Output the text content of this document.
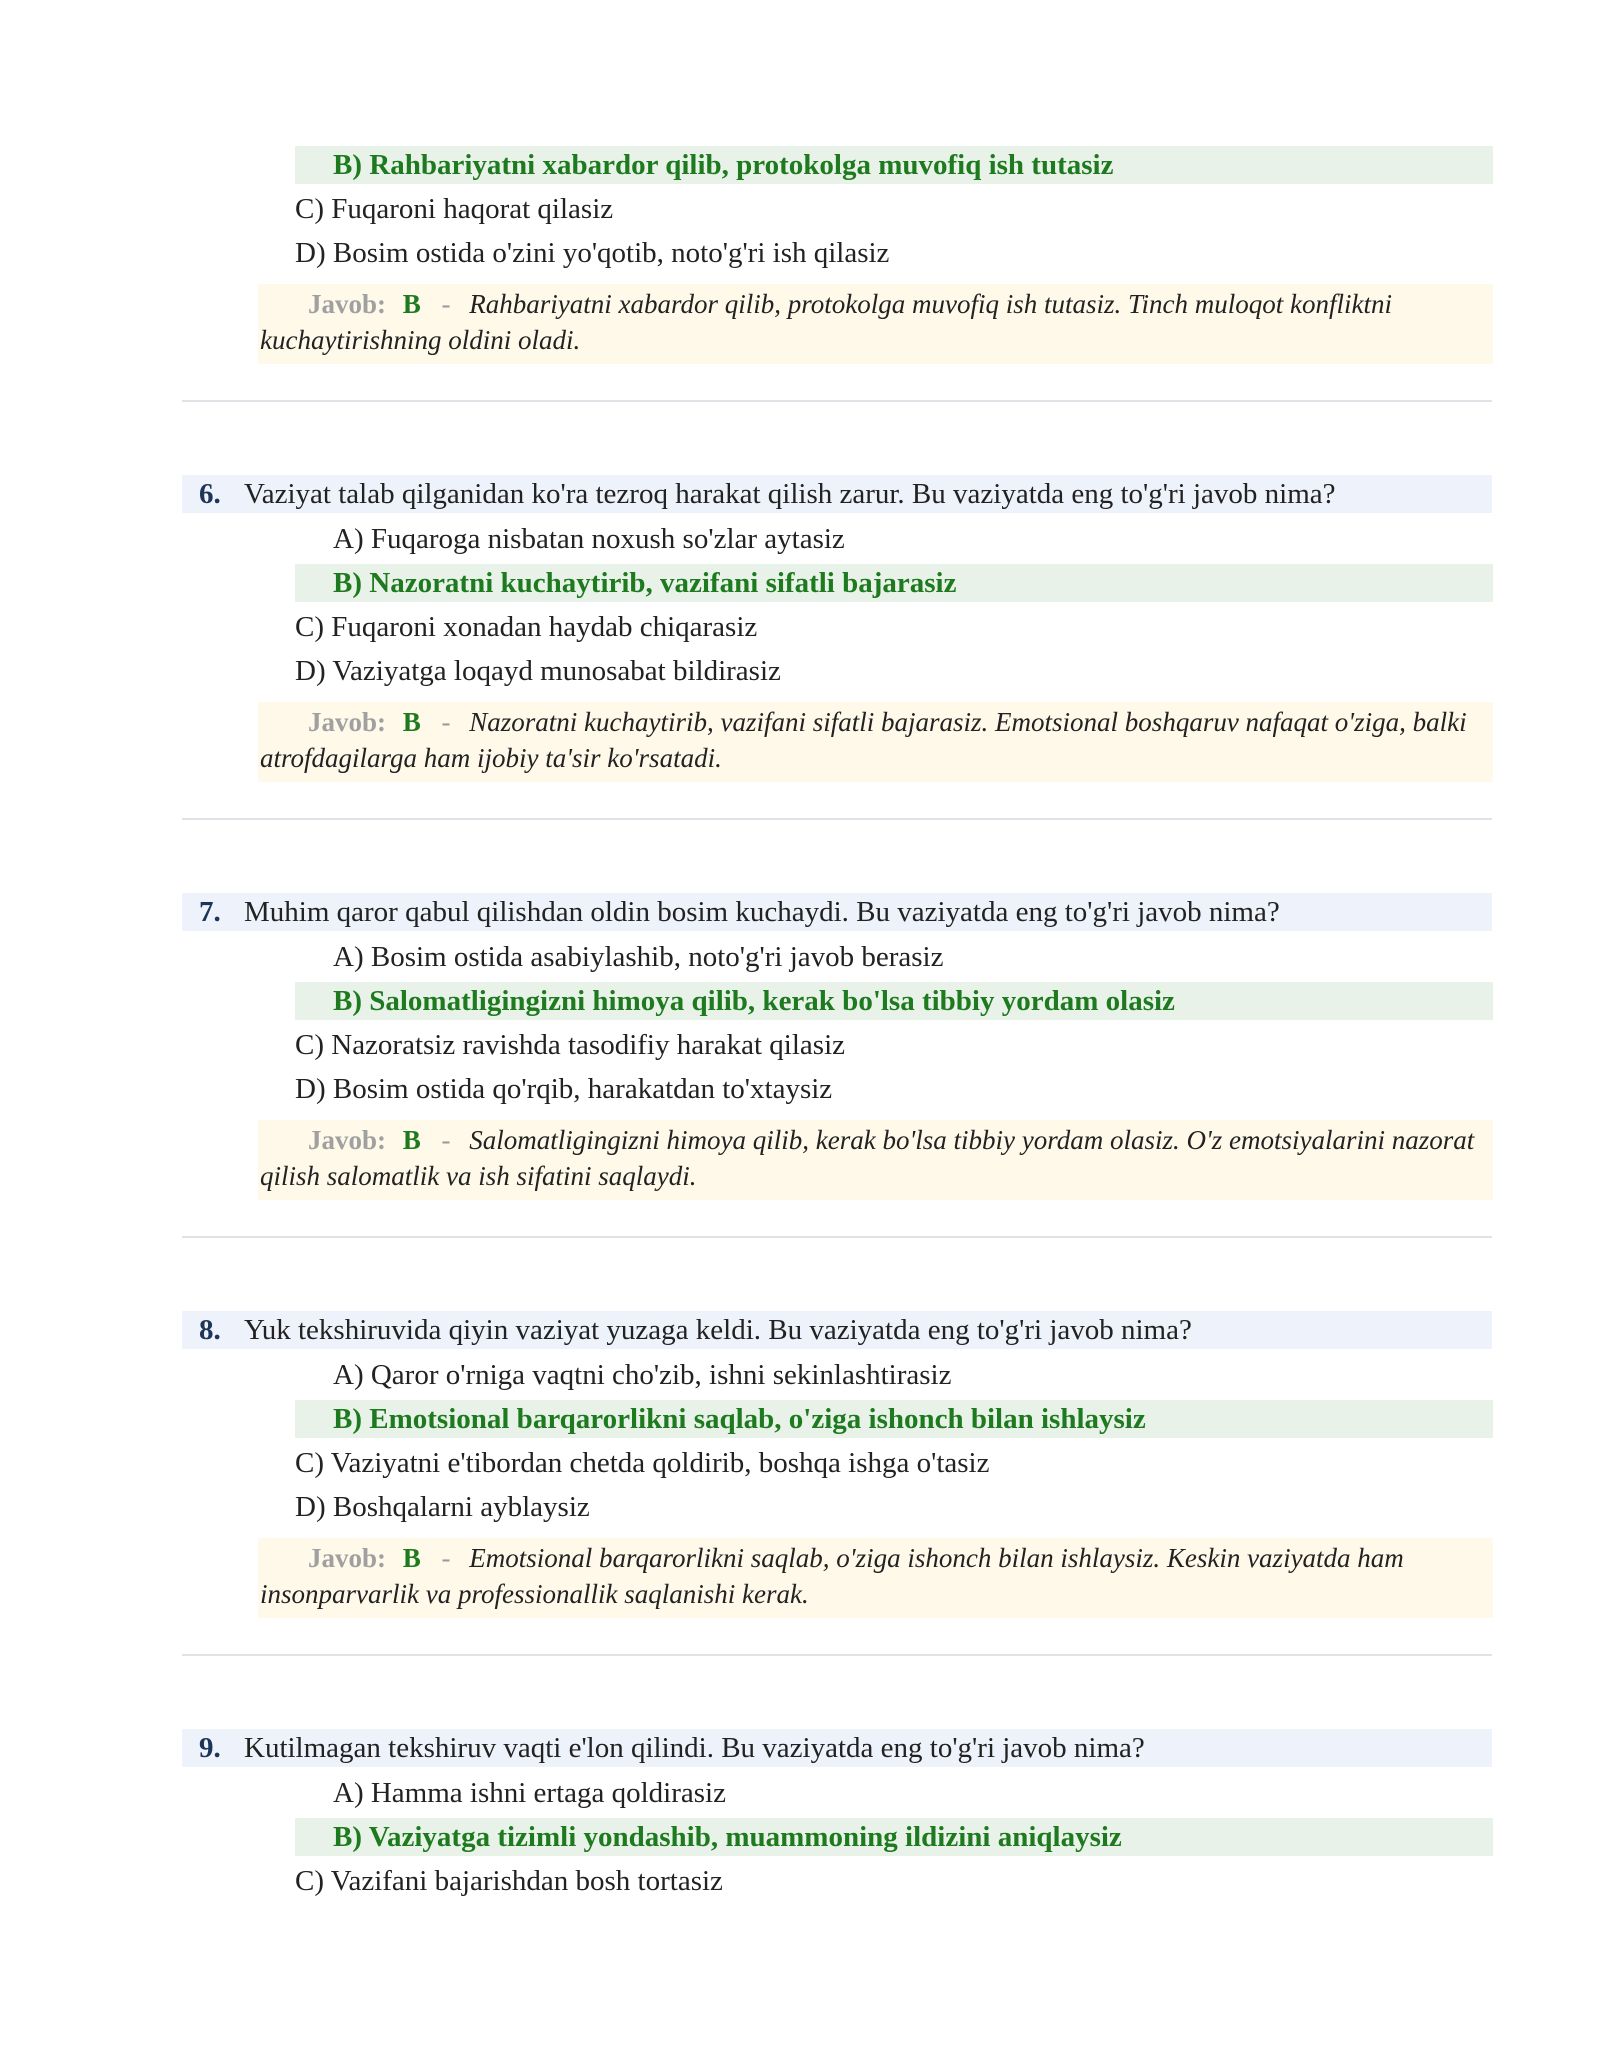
B) Rahbariyatni xabardor qilib, protokolga muvofiq ish tutasiz
C) Fuqaroni haqorat qilasiz
D) Bosim ostida o'zini yo'qotib, noto'g'ri ish qilasiz
Javob: B - Rahbariyatni xabardor qilib, protokolga muvofiq ish tutasiz. Tinch muloqot konfliktni kuchaytirishning oldini oladi.
6. Vaziyat talab qilganidan ko'ra tezroq harakat qilish zarur. Bu vaziyatda eng to'g'ri javob nima?
A) Fuqaroga nisbatan noxush so'zlar aytasiz
B) Nazoratni kuchaytirib, vazifani sifatli bajarasiz
C) Fuqaroni xonadan haydab chiqarasiz
D) Vaziyatga loqayd munosabat bildirasiz
Javob: B - Nazoratni kuchaytirib, vazifani sifatli bajarasiz. Emotsional boshqaruv nafaqat o'ziga, balki atrofdagilarga ham ijobiy ta'sir ko'rsatadi.
7. Muhim qaror qabul qilishdan oldin bosim kuchaydi. Bu vaziyatda eng to'g'ri javob nima?
A) Bosim ostida asabiylashib, noto'g'ri javob berasiz
B) Salomatligingizni himoya qilib, kerak bo'lsa tibbiy yordam olasiz
C) Nazoratsiz ravishda tasodifiy harakat qilasiz
D) Bosim ostida qo'rqib, harakatdan to'xtaysiz
Javob: B - Salomatligingizni himoya qilib, kerak bo'lsa tibbiy yordam olasiz. O'z emotsiyalarini nazorat qilish salomatlik va ish sifatini saqlaydi.
8. Yuk tekshiruvida qiyin vaziyat yuzaga keldi. Bu vaziyatda eng to'g'ri javob nima?
A) Qaror o'rniga vaqtni cho'zib, ishni sekinlashtirasiz
B) Emotsional barqarorlikni saqlab, o'ziga ishonch bilan ishlaysiz
C) Vaziyatni e'tibordan chetda qoldirib, boshqa ishga o'tasiz
D) Boshqalarni ayblaysiz
Javob: B - Emotsional barqarorlikni saqlab, o'ziga ishonch bilan ishlaysiz. Keskin vaziyatda ham insonparvarlik va professionallik saqlanishi kerak.
9. Kutilmagan tekshiruv vaqti e'lon qilindi. Bu vaziyatda eng to'g'ri javob nima?
A) Hamma ishni ertaga qoldirasiz
B) Vaziyatga tizimli yondashib, muammoning ildizini aniqlaysiz
C) Vazifani bajarishdan bosh tortasiz
